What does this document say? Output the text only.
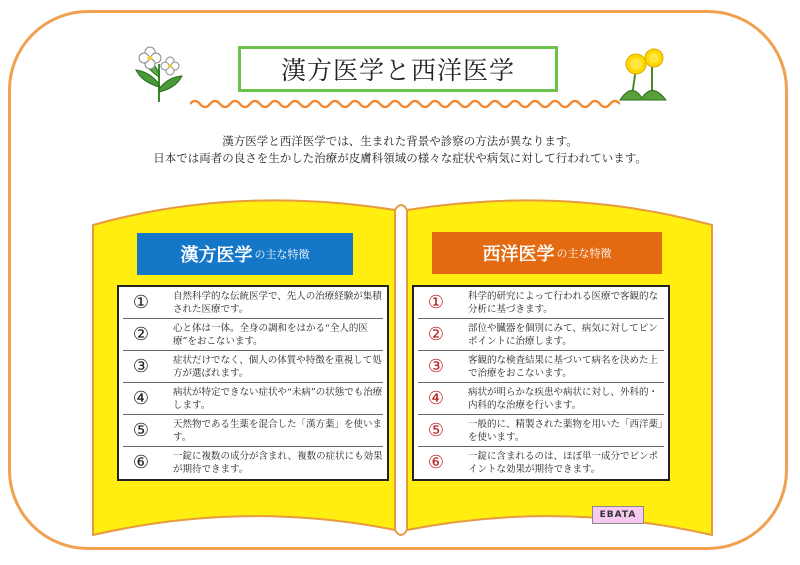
漢方医学と西洋医学
漢方医学と西洋医学では、生まれた背景や診察の方法が異なります。
日本では両者の良さを生かした治療が皮膚科領域の様々な症状や病気に対して行われています。
漢方医学 の主な特徴	西洋医学 の主な特徴
①	自然科学的な伝統医学で、先人の治療経験が集積された医療です。
②	心と体は一体。全身の調和をはかる“全人的医療”をおこないます。
③	症状だけでなく、個人の体質や特徴を重視して処方が選ばれます。
④	病状が特定できない症状や“未病”の状態でも治療します。
⑤	天然物である生薬を混合した「漢方薬」を使います。
⑥	一錠に複数の成分が含まれ、複数の症状にも効果が期待できます。
①	科学的研究によって行われる医療で客観的な分析に基づきます。
②	部位や臓器を個別にみて、病気に対してピンポイントに治療します。
③	客観的な検査結果に基づいて病名を決めた上で治療をおこないます。
④	病状が明らかな疾患や病状に対し、外科的・内科的な治療を行います。
⑤	一般的に、精製された薬物を用いた「西洋薬」を使います。
⑥	一錠に含まれるのは、ほぼ単一成分でピンポイントな効果が期待できます。
EBATA
